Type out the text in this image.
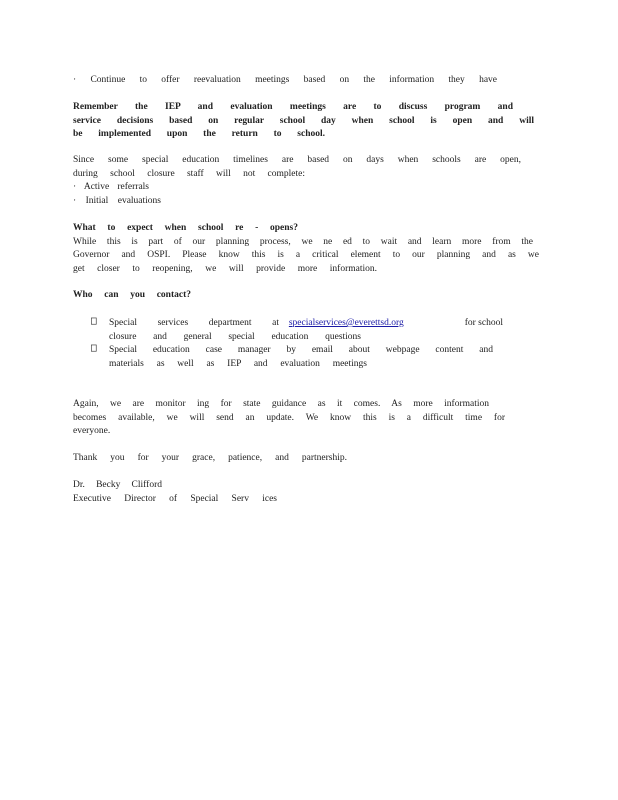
· Continue to offer reevaluation meetings based on the information they have
Remember the IEP and evaluation meetings are to discuss program and
service decisions based on regular school day when school is open and will
be implemented upon the return to school.
Since some special education timelines are based on days when schools are open,
during school closure staff will not complete:
· Active referrals
· Initial evaluations
What to expect when school re - opens?
While this is part of our planning process, we ne ed to wait and learn more from the
Governor and OSPI. Please know this is a critical element to our planning and as we
get closer to reopening, we will provide more information.
Who can you contact?
Special services department at specialservices@everettsd.org	for school
closure and general special education questions
Special education case manager by email about webpage content and
materials as well as IEP and evaluation meetings
Again, we are monitor ing for state guidance as it comes. As more information
becomes available, we will send an update. We know this is a difficult time for
everyone.
Thank you for your grace, patience, and partnership.
Dr. Becky Clifford
Executive Director of Special Serv ices
